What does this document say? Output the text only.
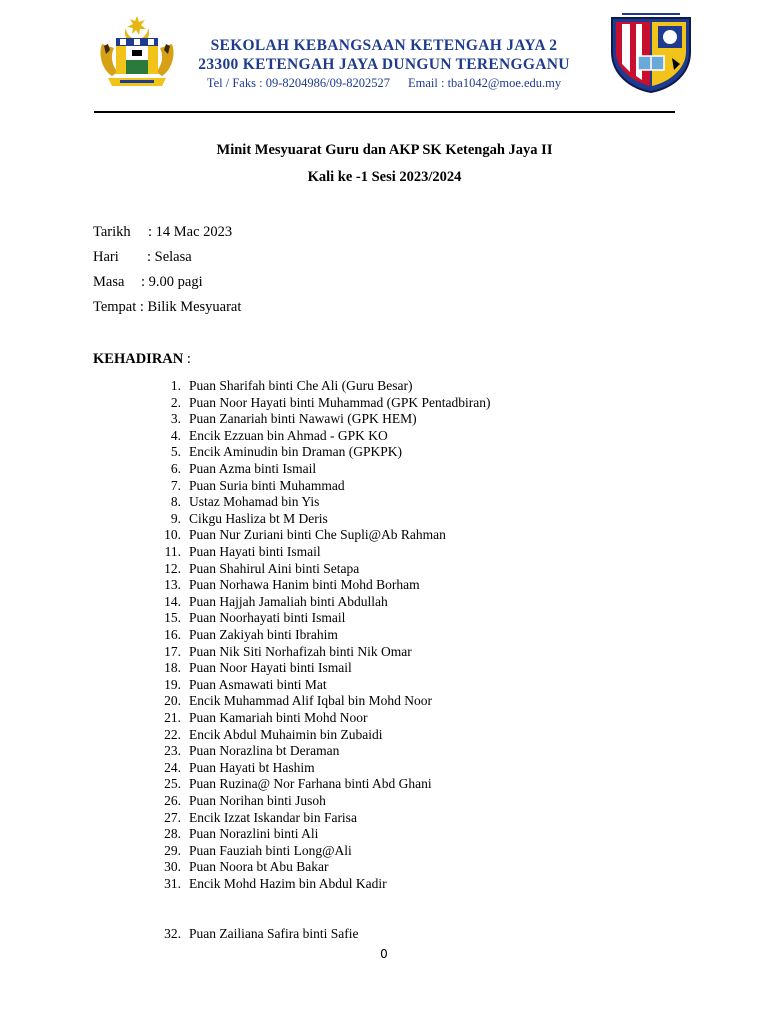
SEKOLAH KEBANGSAAN KETENGAH JAYA 2
23300 KETENGAH JAYA DUNGUN TERENGGANU
Tel / Faks : 09-8204986/09-8202527 Email : tba1042@moe.edu.my
Minit Mesyuarat Guru dan AKP SK Ketengah Jaya II
Kali ke -1 Sesi 2023/2024
Tarikh : 14 Mac 2023
Hari : Selasa
Masa : 9.00 pagi
Tempat : Bilik Mesyuarat
KEHADIRAN :
1. Puan Sharifah binti Che Ali (Guru Besar)
2. Puan Noor Hayati binti Muhammad (GPK Pentadbiran)
3. Puan Zanariah binti Nawawi (GPK HEM)
4. Encik Ezzuan bin Ahmad - GPK KO
5. Encik Aminudin bin Draman (GPKPK)
6. Puan Azma binti Ismail
7. Puan Suria binti Muhammad
8. Ustaz Mohamad bin Yis
9. Cikgu Hasliza bt M Deris
10. Puan Nur Zuriani binti Che Supli@Ab Rahman
11. Puan Hayati binti Ismail
12. Puan Shahirul Aini binti Setapa
13. Puan Norhawa Hanim binti Mohd Borham
14. Puan Hajjah Jamaliah binti Abdullah
15. Puan Noorhayati binti Ismail
16. Puan Zakiyah binti Ibrahim
17. Puan Nik Siti Norhafizah binti Nik Omar
18. Puan Noor Hayati binti Ismail
19. Puan Asmawati binti Mat
20. Encik Muhammad Alif Iqbal bin Mohd Noor
21. Puan Kamariah binti Mohd Noor
22. Encik Abdul Muhaimin bin Zubaidi
23. Puan Norazlina bt Deraman
24. Puan Hayati bt Hashim
25. Puan Ruzina@ Nor Farhana binti Abd Ghani
26. Puan Norihan binti Jusoh
27. Encik Izzat Iskandar bin Farisa
28. Puan Norazlini binti Ali
29. Puan Fauziah binti Long@Ali
30. Puan Noora bt Abu Bakar
31. Encik Mohd Hazim bin Abdul Kadir
32. Puan Zailiana Safira binti Safie
0
